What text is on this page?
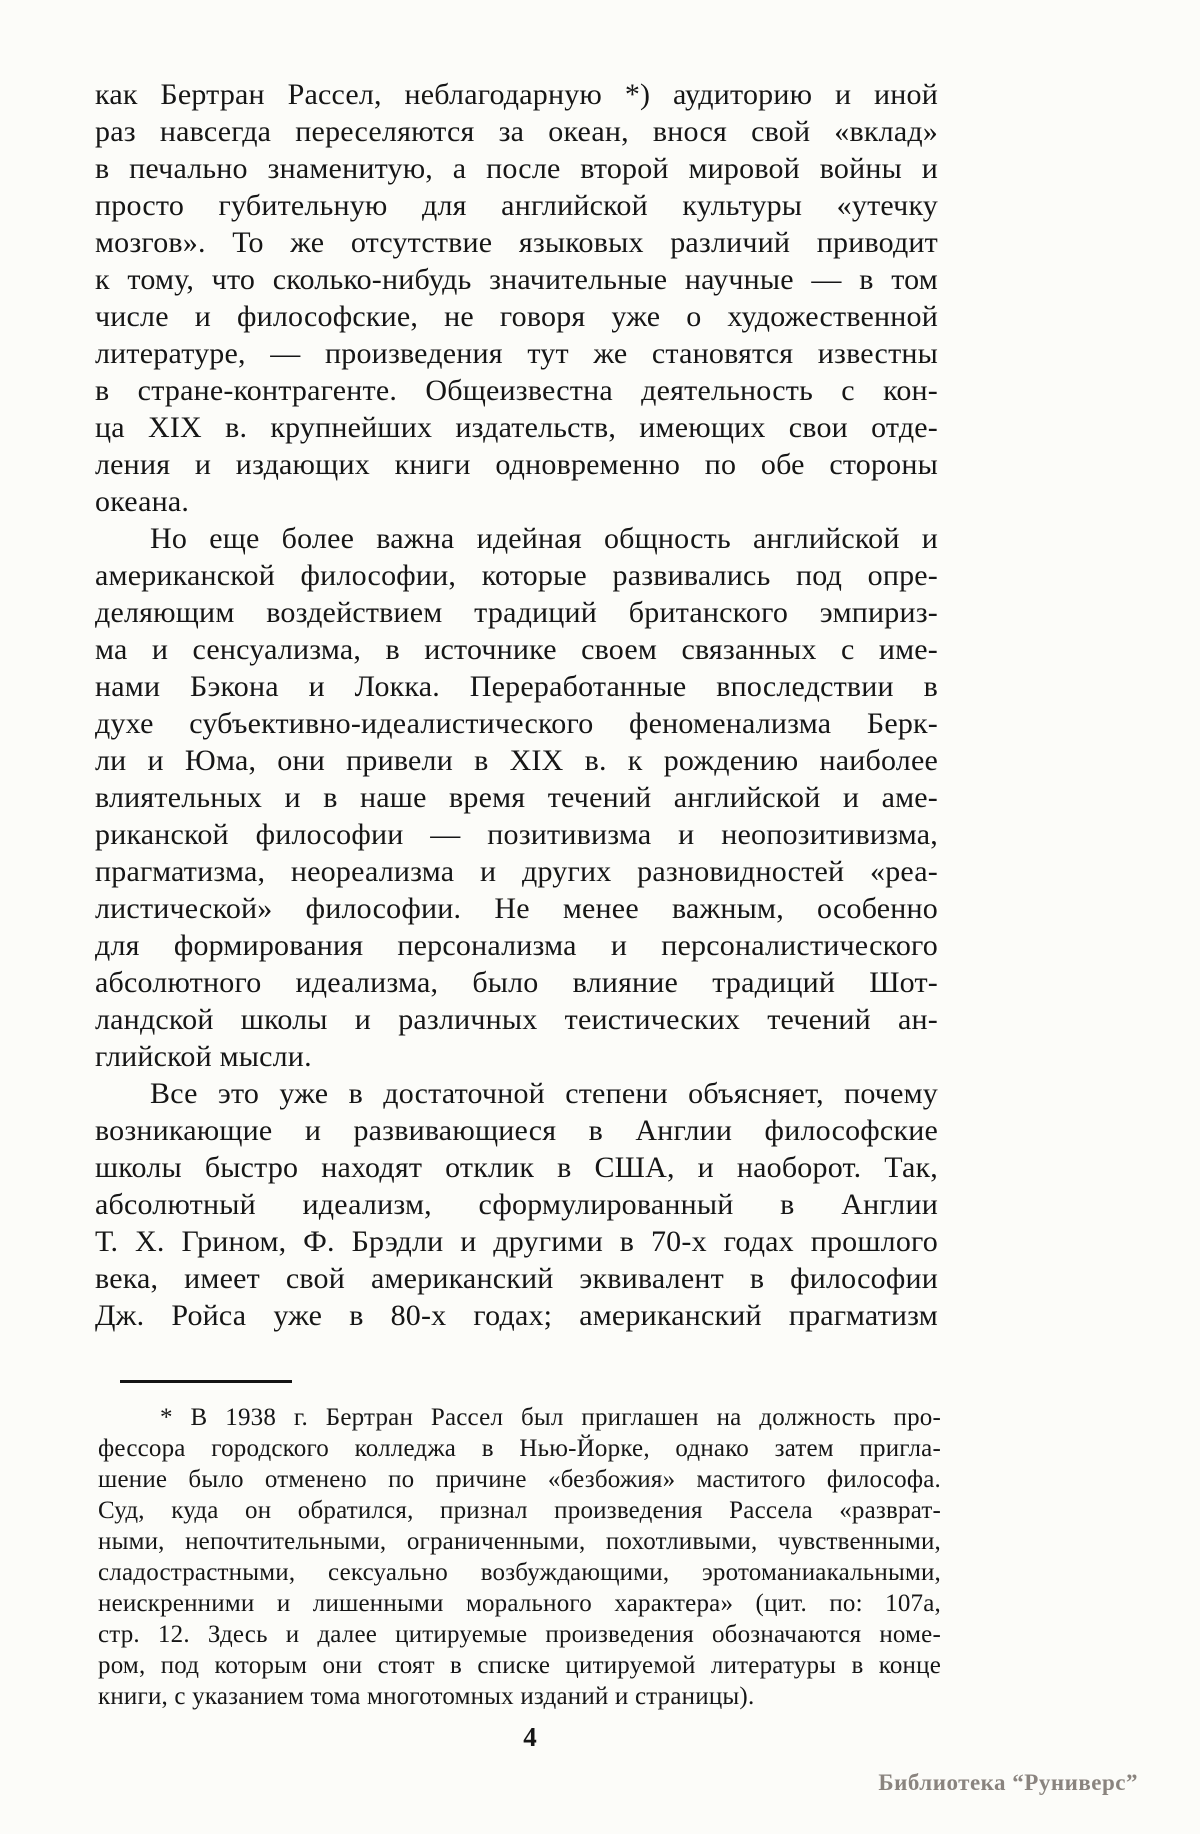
как Бертран Рассел, неблагодарную *) аудиторию и иной
раз навсегда переселяются за океан, внося свой «вклад»
в печально знаменитую, а после второй мировой войны и
просто губительную для английской культуры «утечку
мозгов». То же отсутствие языковых различий приводит
к тому, что сколько-нибудь значительные научные — в том
числе и философские, не говоря уже о художественной
литературе, — произведения тут же становятся известны
в стране-контрагенте. Общеизвестна деятельность с кон-
ца XIX в. крупнейших издательств, имеющих свои отде-
ления и издающих книги одновременно по обе стороны
океана.
Но еще более важна идейная общность английской и
американской философии, которые развивались под опре-
деляющим воздействием традиций британского эмпириз-
ма и сенсуализма, в источнике своем связанных с име-
нами Бэкона и Локка. Переработанные впоследствии в
духе субъективно-идеалистического феноменализма Берк-
ли и Юма, они привели в XIX в. к рождению наиболее
влиятельных и в наше время течений английской и аме-
риканской философии — позитивизма и неопозитивизма,
прагматизма, неореализма и других разновидностей «реа-
листической» философии. Не менее важным, особенно
для формирования персонализма и персоналистического
абсолютного идеализма, было влияние традиций Шот-
ландской школы и различных теистических течений ан-
глийской мысли.
Все это уже в достаточной степени объясняет, почему
возникающие и развивающиеся в Англии философские
школы быстро находят отклик в США, и наоборот. Так,
абсолютный идеализм, сформулированный в Англии
Т. Х. Грином, Ф. Брэдли и другими в 70-х годах прошлого
века, имеет свой американский эквивалент в философии
Дж. Ройса уже в 80-х годах; американский прагматизм
* В 1938 г. Бертран Рассел был приглашен на должность про-
фессора городского колледжа в Нью-Йорке, однако затем пригла-
шение было отменено по причине «безбожия» маститого философа.
Суд, куда он обратился, признал произведения Рассела «разврат-
ными, непочтительными, ограниченными, похотливыми, чувственными,
сладострастными, сексуально возбуждающими, эротоманиакальными,
неискренними и лишенными морального характера» (цит. по: 107а,
стр. 12. Здесь и далее цитируемые произведения обозначаются номе-
ром, под которым они стоят в списке цитируемой литературы в конце
книги, с указанием тома многотомных изданий и страницы).
4
Библиотека “Руниверс”
